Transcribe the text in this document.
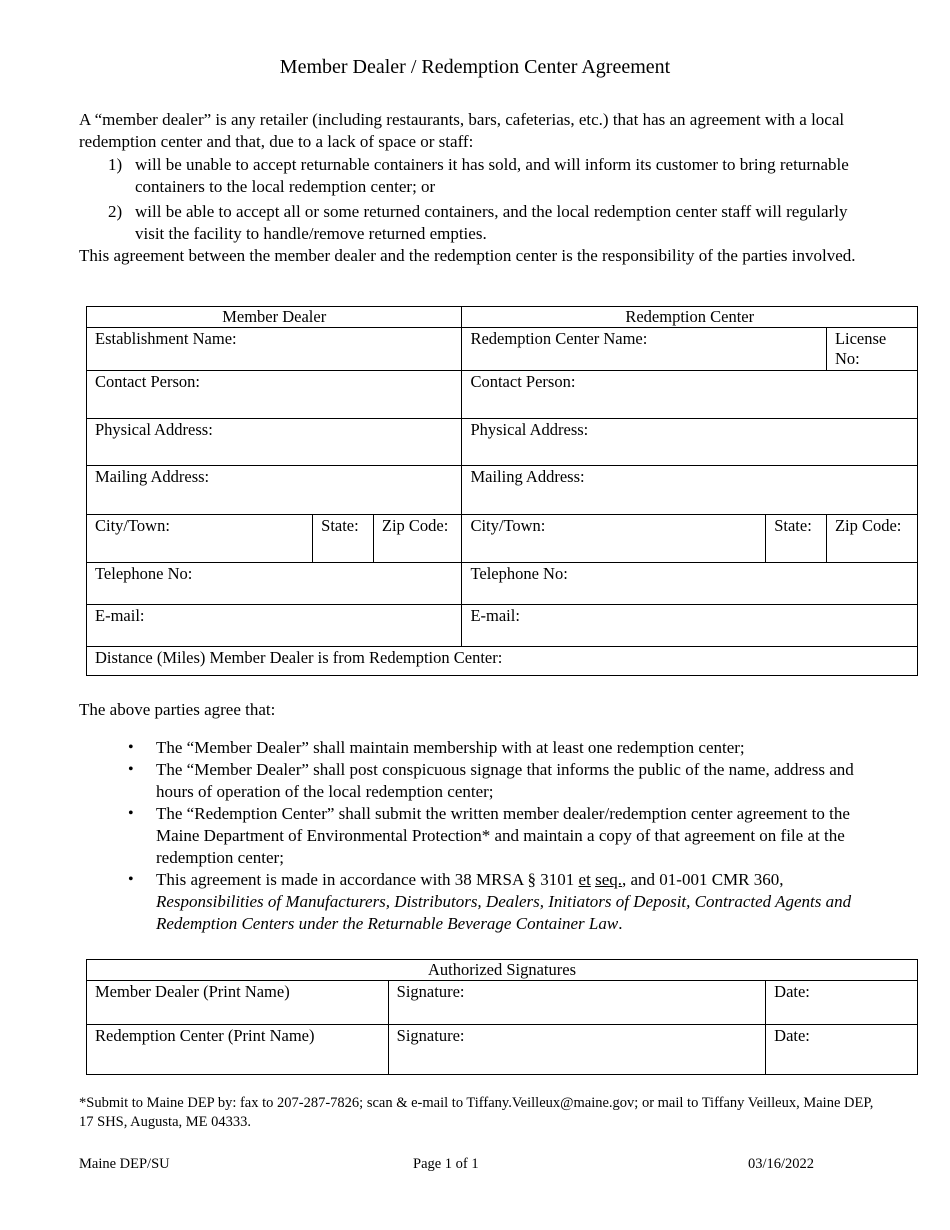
Member Dealer / Redemption Center Agreement
A “member dealer” is any retailer (including restaurants, bars, cafeterias, etc.) that has an agreement with a local redemption center and that, due to a lack of space or staff:
1) will be unable to accept returnable containers it has sold, and will inform its customer to bring returnable containers to the local redemption center; or
2) will be able to accept all or some returned containers, and the local redemption center staff will regularly visit the facility to handle/remove returned empties.
This agreement between the member dealer and the redemption center is the responsibility of the parties involved.
Member Dealer			Redemption Center		
Establishment Name:			Redemption Center Name:		License No:
Contact Person:			Contact Person:		
Physical Address:			Physical Address:		
Mailing Address:			Mailing Address:		
City/Town:	State:	Zip Code:	City/Town:	State:	Zip Code:
Telephone No:			Telephone No:		
E-mail:			E-mail:		
Distance (Miles) Member Dealer is from Redemption Center:					
The above parties agree that:
•	The “Member Dealer” shall maintain membership with at least one redemption center;
•	The “Member Dealer” shall post conspicuous signage that informs the public of the name, address and hours of operation of the local redemption center;
•	The “Redemption Center” shall submit the written member dealer/redemption center agreement to the Maine Department of Environmental Protection* and maintain a copy of that agreement on file at the redemption center;
•	This agreement is made in accordance with 38 MRSA § 3101 et seq., and 01-001 CMR 360, Responsibilities of Manufacturers, Distributors, Dealers, Initiators of Deposit, Contracted Agents and Redemption Centers under the Returnable Beverage Container Law.
Authorized Signatures		
Member Dealer (Print Name)	Signature:	Date:
Redemption Center (Print Name)	Signature:	Date:
*Submit to Maine DEP by: fax to 207-287-7826; scan & e-mail to Tiffany.Veilleux@maine.gov; or mail to Tiffany Veilleux, Maine DEP, 17 SHS, Augusta, ME 04333.
Maine DEP/SU	Page 1 of 1	03/16/2022
